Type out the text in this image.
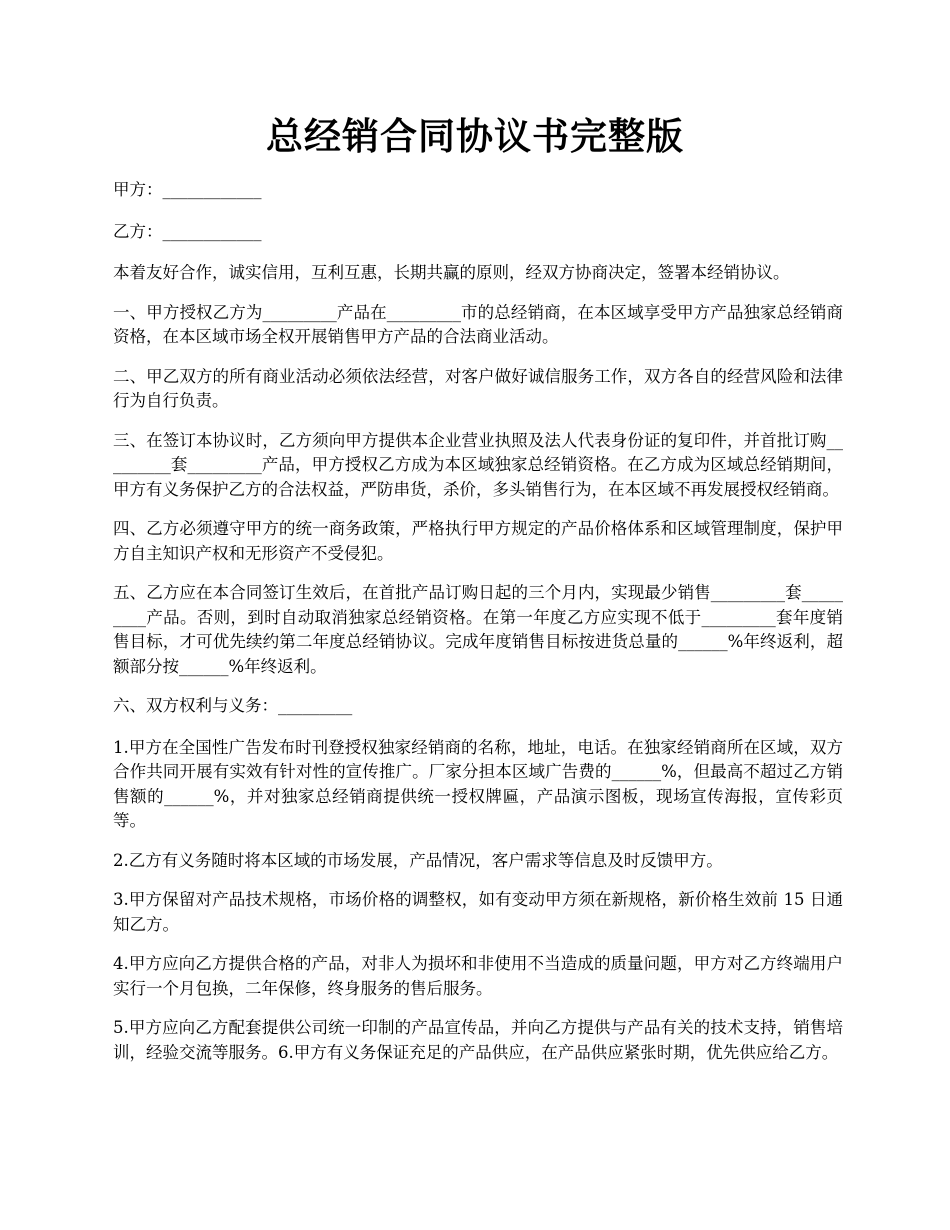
总经销合同协议书完整版

甲方：____________

乙方：____________

本着友好合作，诚实信用，互利互惠，长期共赢的原则，经双方协商决定，签署本经销协议。

一、甲方授权乙方为_________产品在_________市的总经销商，在本区域享受甲方产品独家总经销商资格，在本区域市场全权开展销售甲方产品的合法商业活动。

二、甲乙双方的所有商业活动必须依法经营，对客户做好诚信服务工作，双方各自的经营风险和法律行为自行负责。

三、在签订本协议时，乙方须向甲方提供本企业营业执照及法人代表身份证的复印件，并首批订购_________套_________产品，甲方授权乙方成为本区域独家总经销资格。在乙方成为区域总经销期间，甲方有义务保护乙方的合法权益，严防串货，杀价，多头销售行为，在本区域不再发展授权经销商。

四、乙方必须遵守甲方的统一商务政策，严格执行甲方规定的产品价格体系和区域管理制度，保护甲方自主知识产权和无形资产不受侵犯。

五、乙方应在本合同签订生效后，在首批产品订购日起的三个月内，实现最少销售_________套_________产品。否则，到时自动取消独家总经销资格。在第一年度乙方应实现不低于_________套年度销售目标，才可优先续约第二年度总经销协议。完成年度销售目标按进货总量的______%年终返利，超额部分按______%年终返利。

六、双方权利与义务：_________

1.甲方在全国性广告发布时刊登授权独家经销商的名称，地址，电话。在独家经销商所在区域，双方合作共同开展有实效有针对性的宣传推广。厂家分担本区域广告费的______%，但最高不超过乙方销售额的______%，并对独家总经销商提供统一授权牌匾，产品演示图板，现场宣传海报，宣传彩页等。

2.乙方有义务随时将本区域的市场发展，产品情况，客户需求等信息及时反馈甲方。

3.甲方保留对产品技术规格，市场价格的调整权，如有变动甲方须在新规格，新价格生效前 15 日通知乙方。

4.甲方应向乙方提供合格的产品，对非人为损坏和非使用不当造成的质量问题，甲方对乙方终端用户实行一个月包换，二年保修，终身服务的售后服务。

5.甲方应向乙方配套提供公司统一印制的产品宣传品，并向乙方提供与产品有关的技术支持，销售培训，经验交流等服务。6.甲方有义务保证充足的产品供应，在产品供应紧张时期，优先供应给乙方。
